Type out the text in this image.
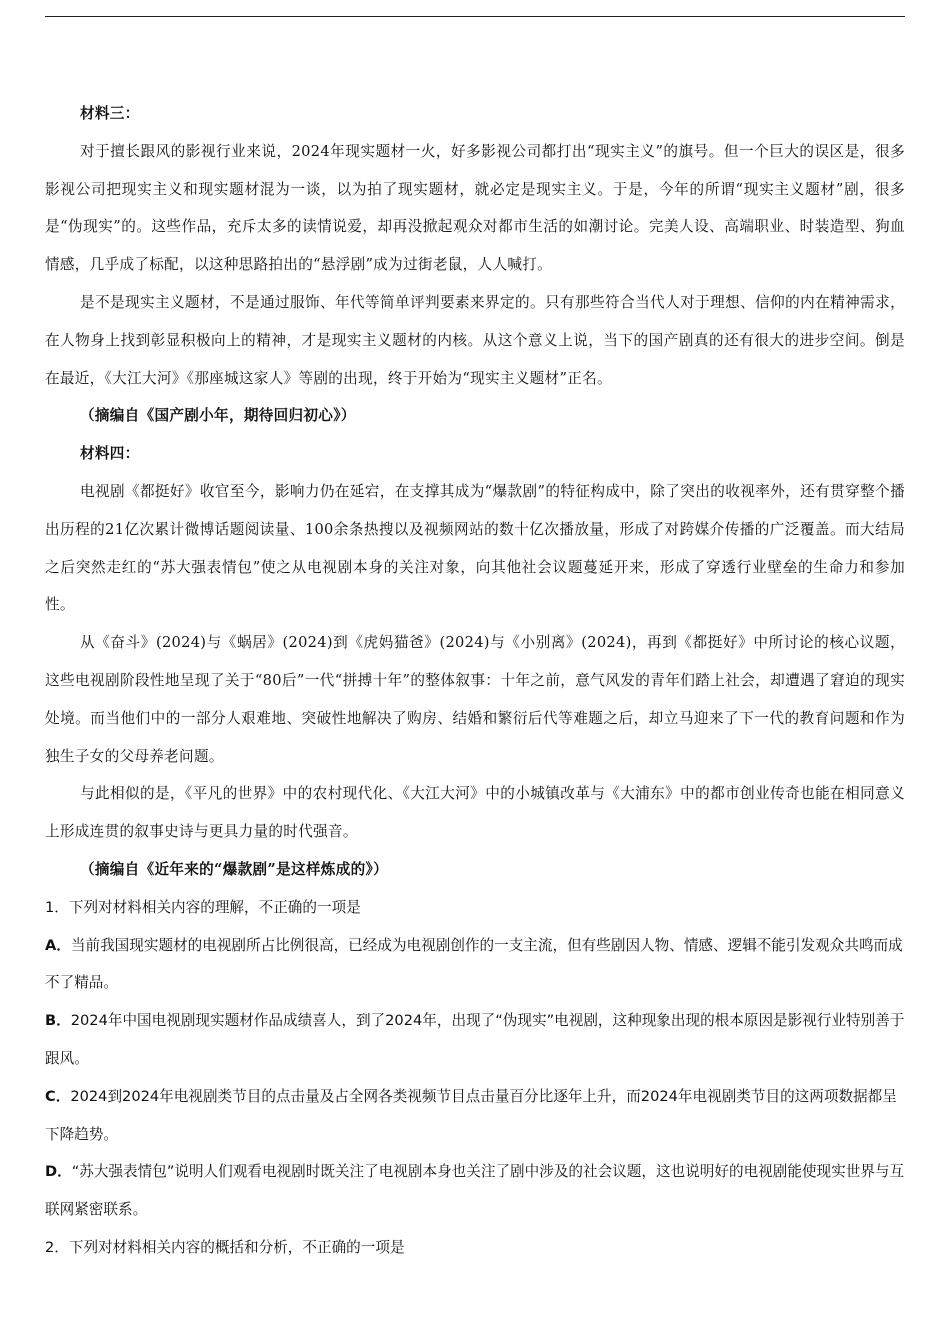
材料三：

对于擅长跟风的影视行业来说，2024年现实题材一火，好多影视公司都打出“现实主义”的旗号。但一个巨大的误区是，很多影视公司把现实主义和现实题材混为一谈，以为拍了现实题材，就必定是现实主义。于是，今年的所谓“现实主义题材”剧，很多是“伪现实”的。这些作品，充斥太多的读情说爱，却再没掀起观众对都市生活的如潮讨论。完美人设、高端职业、时装造型、狗血情感，几乎成了标配，以这种思路拍出的“悬浮剧”成为过街老鼠，人人喊打。

是不是现实主义题材，不是通过服饰、年代等简单评判要素来界定的。只有那些符合当代人对于理想、信仰的内在精神需求，在人物身上找到彰显积极向上的精神，才是现实主义题材的内核。从这个意义上说，当下的国产剧真的还有很大的进步空间。倒是在最近，《大江大河》《那座城这家人》等剧的出现，终于开始为“现实主义题材”正名。

（摘编自《国产剧小年，期待回归初心》）

材料四：

电视剧《都挺好》收官至今，影响力仍在延宕，在支撑其成为“爆款剧”的特征构成中，除了突出的收视率外，还有贯穿整个播出历程的21亿次累计微博话题阅读量、100余条热搜以及视频网站的数十亿次播放量，形成了对跨媒介传播的广泛覆盖。而大结局之后突然走红的“苏大强表情包”使之从电视剧本身的关注对象，向其他社会议题蔓延开来，形成了穿透行业壁垒的生命力和参加性。

从《奋斗》(2024)与《蜗居》(2024)到《虎妈猫爸》(2024)与《小别离》(2024)，再到《都挺好》中所讨论的核心议题，这些电视剧阶段性地呈现了关于“80后”一代“拼搏十年”的整体叙事：十年之前，意气风发的青年们踏上社会，却遭遇了窘迫的现实处境。而当他们中的一部分人艰难地、突破性地解决了购房、结婚和繁衍后代等难题之后，却立马迎来了下一代的教育问题和作为独生子女的父母养老问题。

与此相似的是，《平凡的世界》中的农村现代化、《大江大河》中的小城镇改革与《大浦东》中的都市创业传奇也能在相同意义上形成连贯的叙事史诗与更具力量的时代强音。

（摘编自《近年来的“爆款剧”是这样炼成的》）

1．下列对材料相关内容的理解，不正确的一项是

A．当前我国现实题材的电视剧所占比例很高，已经成为电视剧创作的一支主流，但有些剧因人物、情感、逻辑不能引发观众共鸣而成不了精品。

B．2024年中国电视剧现实题材作品成绩喜人，到了2024年，出现了“伪现实”电视剧，这种现象出现的根本原因是影视行业特别善于跟风。

C．2024到2024年电视剧类节目的点击量及占全网各类视频节目点击量百分比逐年上升，而2024年电视剧类节目的这两项数据都呈下降趋势。

D．“苏大强表情包”说明人们观看电视剧时既关注了电视剧本身也关注了剧中涉及的社会议题，这也说明好的电视剧能使现实世界与互联网紧密联系。

2．下列对材料相关内容的概括和分析，不正确的一项是
